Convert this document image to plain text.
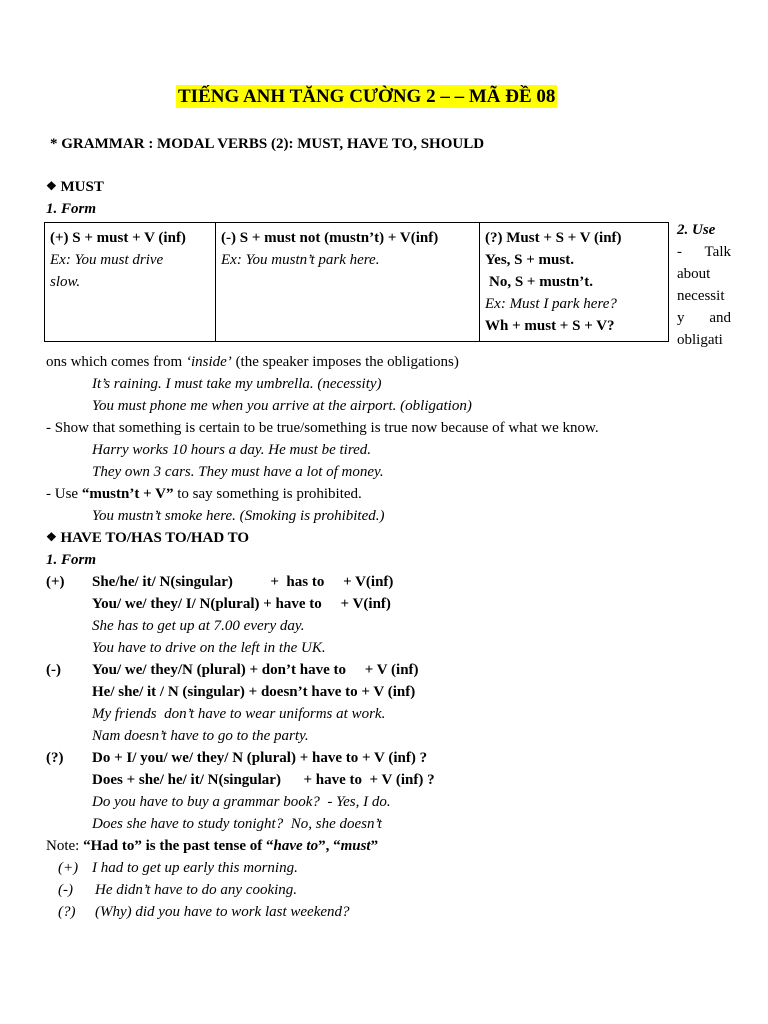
TIẾNG ANH TĂNG CƯỜNG 2 – – MÃ ĐỀ 08
* GRAMMAR : MODAL VERBS (2): MUST, HAVE TO, SHOULD
❖ MUST
1. Form
(+) S + must + V (inf)
Ex: You must drive
slow.

(-) S + must not (mustn’t) + V(inf)
Ex: You mustn’t park here.

(?) Must + S + V (inf)
Yes, S + must.
No, S + mustn’t.
Ex: Must I park here?
Wh + must + S + V?
2. Use
- Talk
about
necessit
y and
obligati
ons which comes from ‘inside’ (the speaker imposes the obligations)
It’s raining. I must take my umbrella. (necessity)
You must phone me when you arrive at the airport. (obligation)
- Show that something is certain to be true/something is true now because of what we know.
Harry works 10 hours a day. He must be tired.
They own 3 cars. They must have a lot of money.
- Use “mustn’t + V” to say something is prohibited.
You mustn’t smoke here. (Smoking is prohibited.)
❖ HAVE TO/HAS TO/HAD TO
1. Form
(+) She/he/ it/ N(singular)          +  has to     + V(inf)
You/ we/ they/ I/ N(plural) + have to     + V(inf)
She has to get up at 7.00 every day.
You have to drive on the left in the UK.
(-) You/ we/ they/N (plural) + don’t have to     + V (inf)
He/ she/ it / N (singular) + doesn’t have to + V (inf)
My friends  don’t have to wear uniforms at work.
Nam doesn’t have to go to the party.
(?) Do + I/ you/ we/ they/ N (plural) + have to + V (inf) ?
Does + she/ he/ it/ N(singular)      + have to  + V (inf) ?
Do you have to buy a grammar book?  - Yes, I do.
Does she have to study tonight?  No, she doesn’t
Note: “Had to” is the past tense of “have to”, “must”
(+) I had to get up early this morning.
(-) He didn’t have to do any cooking.
(?) (Why) did you have to work last weekend?
